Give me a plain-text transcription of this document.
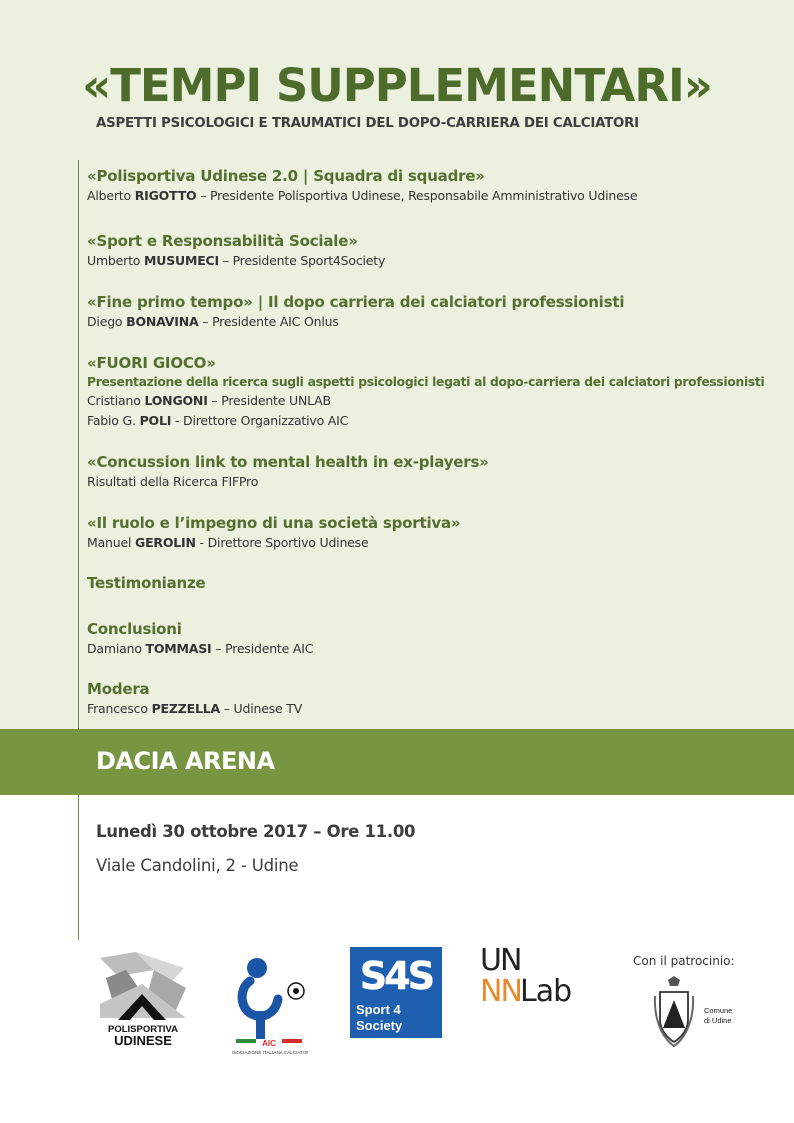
«TEMPI SUPPLEMENTARI»
ASPETTI PSICOLOGICI E TRAUMATICI DEL DOPO-CARRIERA DEI CALCIATORI
«Polisportiva Udinese 2.0 | Squadra di squadre»
Alberto RIGOTTO – Presidente Polisportiva Udinese, Responsabile Amministrativo Udinese
«Sport e Responsabilità Sociale»
Umberto MUSUMECI – Presidente Sport4Society
«Fine primo tempo» | Il dopo carriera dei calciatori professionisti
Diego BONAVINA – Presidente AIC Onlus
«FUORI GIOCO»
Presentazione della ricerca sugli aspetti psicologici legati al dopo-carriera dei calciatori professionisti
Cristiano LONGONI – Presidente UNLAB
Fabio G. POLI - Direttore Organizzativo AIC
«Concussion link to mental health in ex-players»
Risultati della Ricerca FIFPro
«Il ruolo e l’impegno di una società sportiva»
Manuel GEROLIN - Direttore Sportivo Udinese
Testimonianze
Conclusioni
Damiano TOMMASI – Presidente AIC
Modera
Francesco PEZZELLA – Udinese TV
DACIA ARENA
Lunedì 30 ottobre 2017 – Ore 11.00
Viale Candolini, 2 - Udine
POLISPORTIVA
UDINESE	AIC
ASSOCIAZIONE ITALIANA CALCIATORI
S4S
Sport 4
Society
UN
NN Lab
Con il patrocinio:
Comune
di Udine
